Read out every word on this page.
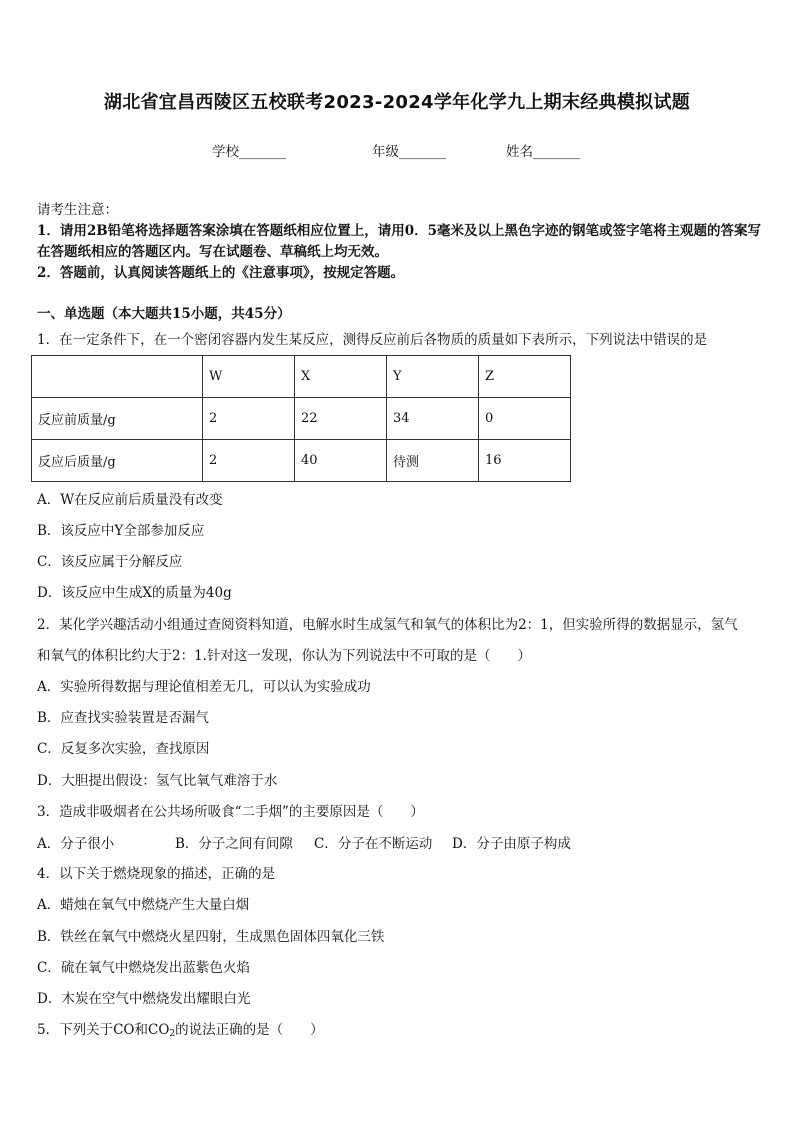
湖北省宜昌西陵区五校联考2023-2024学年化学九上期末经典模拟试题
学校_______	年级_______	姓名_______
请考生注意：
1．请用2B铅笔将选择题答案涂填在答题纸相应位置上，请用0．5毫米及以上黑色字迹的钢笔或签字笔将主观题的答案写在答题纸相应的答题区内。写在试题卷、草稿纸上均无效。
2．答题前，认真阅读答题纸上的《注意事项》，按规定答题。
一、单选题（本大题共15小题，共45分）
1．在一定条件下，在一个密闭容器内发生某反应，测得反应前后各物质的质量如下表所示，下列说法中错误的是
	W	X	Y	Z
反应前质量/g	2	22	34	0
反应后质量/g	2	40	待测	16
A．W在反应前后质量没有改变
B．该反应中Y全部参加反应
C．该反应属于分解反应
D．该反应中生成X的质量为40g
2．某化学兴趣活动小组通过查阅资料知道，电解水时生成氢气和氧气的体积比为2：1，但实验所得的数据显示，氢气
和氧气的体积比约大于2：1.针对这一发现，你认为下列说法中不可取的是（　　）
A．实验所得数据与理论值相差无几，可以认为实验成功
B．应查找实验装置是否漏气
C．反复多次实验，查找原因
D．大胆提出假设：氢气比氧气难溶于水
3．造成非吸烟者在公共场所吸食“二手烟”的主要原因是（　　）
A．分子很小	B．分子之间有间隙 C．分子在不断运动 D．分子由原子构成
4．以下关于燃烧现象的描述，正确的是
A．蜡烛在氧气中燃烧产生大量白烟
B．铁丝在氧气中燃烧火星四射，生成黑色固体四氧化三铁
C．硫在氧气中燃烧发出蓝紫色火焰
D．木炭在空气中燃烧发出耀眼白光
5．下列关于CO和$CO_2$的说法正确的是（　　）
